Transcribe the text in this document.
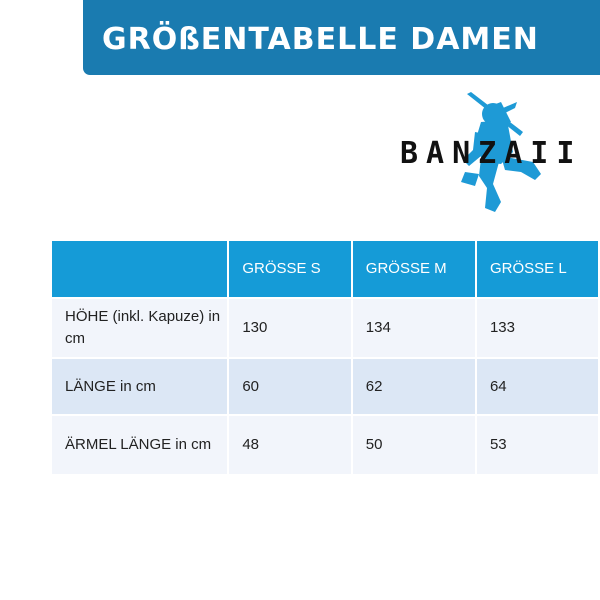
GRÖßENTABELLE DAMEN
BANZAII
	GRÖSSE S	GRÖSSE M	GRÖSSE L
HÖHE (inkl. Kapuze) in cm	130	134	133
LÄNGE in cm	60	62	64
ÄRMEL LÄNGE in cm	48	50	53
